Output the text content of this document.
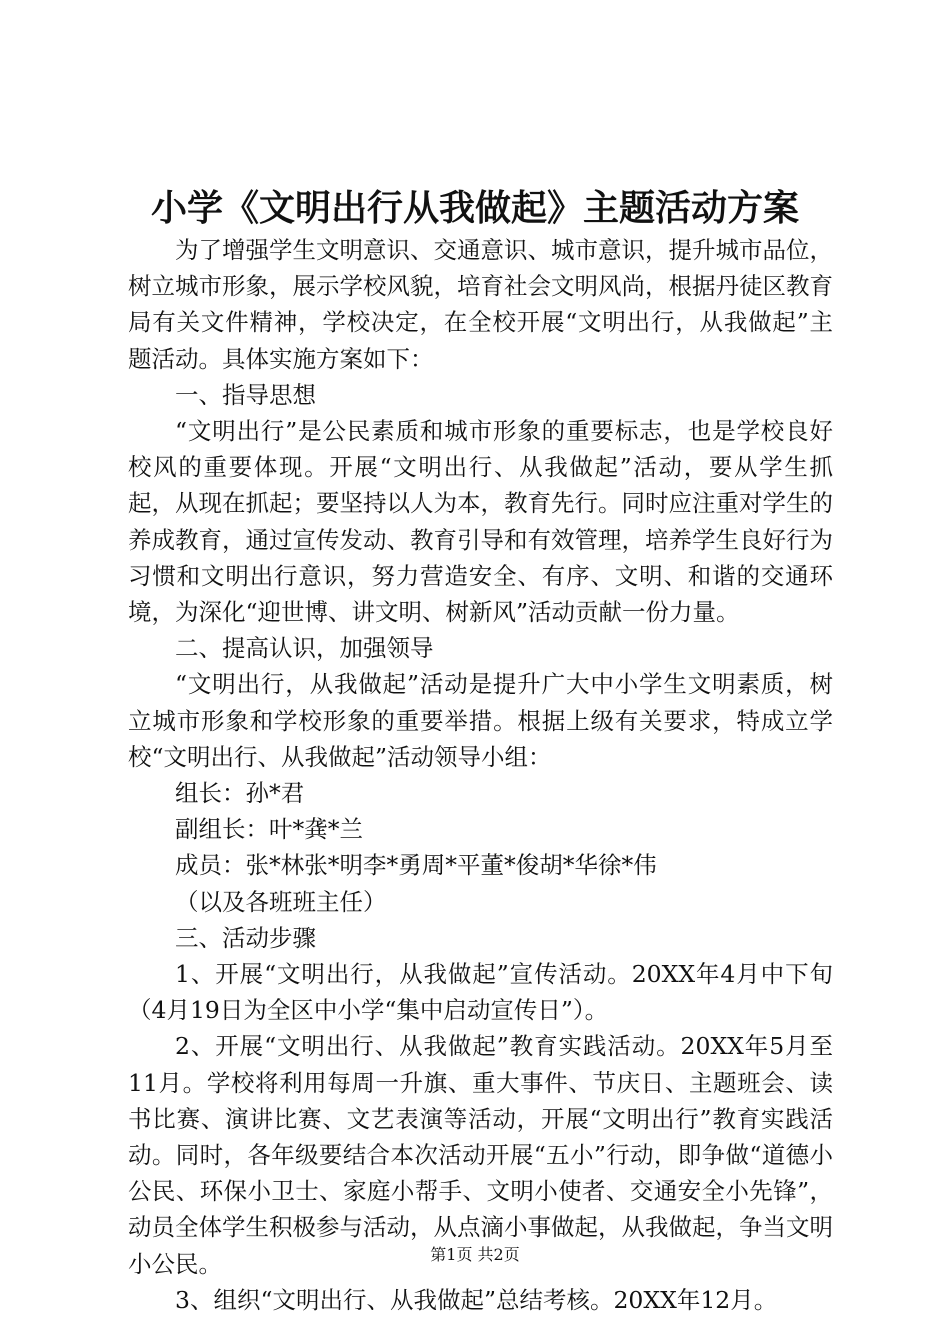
小学《文明出行从我做起》主题活动方案

为了增强学生文明意识、交通意识、城市意识，提升城市品位，树立城市形象，展示学校风貌，培育社会文明风尚，根据丹徒区教育局有关文件精神，学校决定，在全校开展“文明出行，从我做起”主题活动。具体实施方案如下：

一、指导思想

“文明出行”是公民素质和城市形象的重要标志，也是学校良好校风的重要体现。开展“文明出行、从我做起”活动，要从学生抓起，从现在抓起；要坚持以人为本，教育先行。同时应注重对学生的养成教育，通过宣传发动、教育引导和有效管理，培养学生良好行为习惯和文明出行意识，努力营造安全、有序、文明、和谐的交通环境，为深化“迎世博、讲文明、树新风”活动贡献一份力量。

二、提高认识，加强领导

“文明出行，从我做起”活动是提升广大中小学生文明素质，树立城市形象和学校形象的重要举措。根据上级有关要求，特成立学校“文明出行、从我做起”活动领导小组：

组长：孙*君

副组长：叶*龚*兰

成员：张*林张*明李*勇周*平董*俊胡*华徐*伟

（以及各班班主任）

三、活动步骤

1、开展“文明出行，从我做起”宣传活动。20XX年4月中下旬（4月19日为全区中小学“集中启动宣传日”）。

2、开展“文明出行、从我做起”教育实践活动。20XX年5月至11月。学校将利用每周一升旗、重大事件、节庆日、主题班会、读书比赛、演讲比赛、文艺表演等活动，开展“文明出行”教育实践活动。同时，各年级要结合本次活动开展“五小”行动，即争做“道德小公民、环保小卫士、家庭小帮手、文明小使者、交通安全小先锋”，动员全体学生积极参与活动，从点滴小事做起，从我做起，争当文明小公民。

3、组织“文明出行、从我做起”总结考核。20XX年12月。

第1页 共2页
